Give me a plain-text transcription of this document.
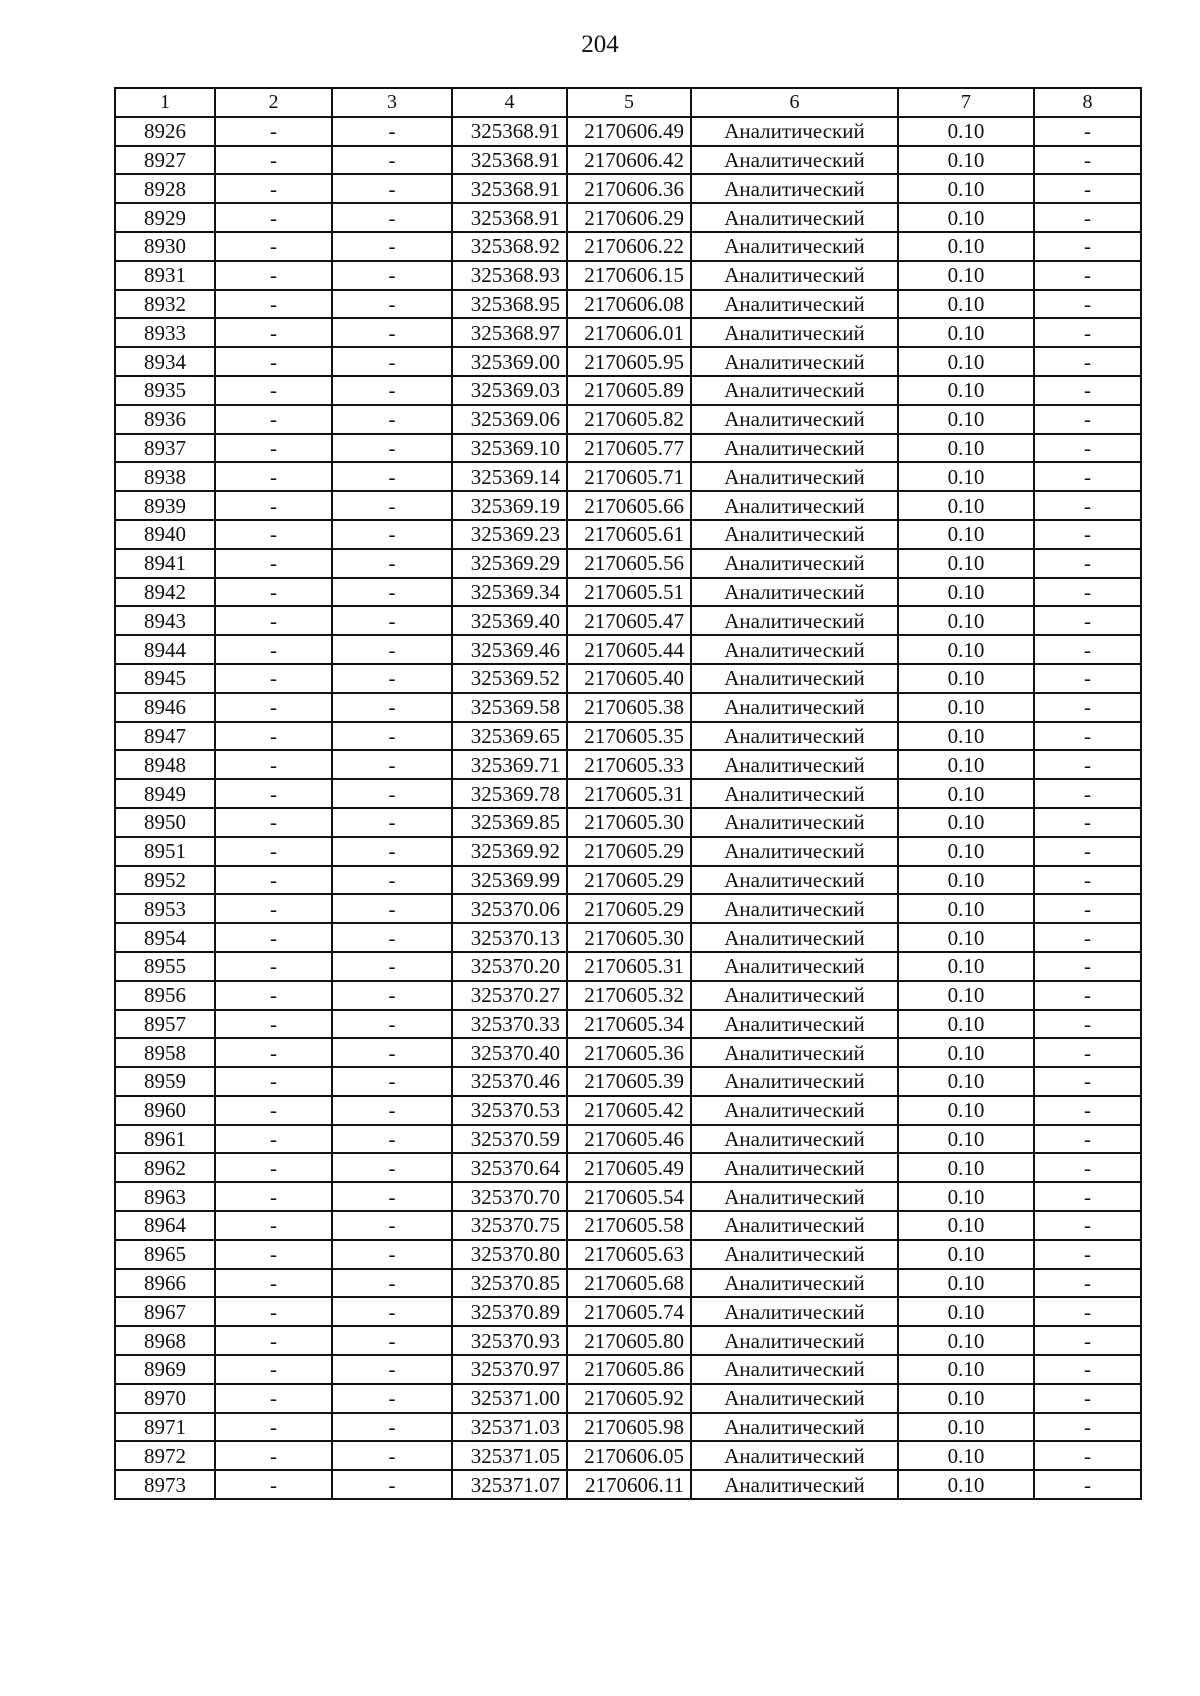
204
1	2	3	4	5	6	7	8
8926	-	-	325368.91	2170606.49	Аналитический	0.10	-
8927	-	-	325368.91	2170606.42	Аналитический	0.10	-
8928	-	-	325368.91	2170606.36	Аналитический	0.10	-
8929	-	-	325368.91	2170606.29	Аналитический	0.10	-
8930	-	-	325368.92	2170606.22	Аналитический	0.10	-
8931	-	-	325368.93	2170606.15	Аналитический	0.10	-
8932	-	-	325368.95	2170606.08	Аналитический	0.10	-
8933	-	-	325368.97	2170606.01	Аналитический	0.10	-
8934	-	-	325369.00	2170605.95	Аналитический	0.10	-
8935	-	-	325369.03	2170605.89	Аналитический	0.10	-
8936	-	-	325369.06	2170605.82	Аналитический	0.10	-
8937	-	-	325369.10	2170605.77	Аналитический	0.10	-
8938	-	-	325369.14	2170605.71	Аналитический	0.10	-
8939	-	-	325369.19	2170605.66	Аналитический	0.10	-
8940	-	-	325369.23	2170605.61	Аналитический	0.10	-
8941	-	-	325369.29	2170605.56	Аналитический	0.10	-
8942	-	-	325369.34	2170605.51	Аналитический	0.10	-
8943	-	-	325369.40	2170605.47	Аналитический	0.10	-
8944	-	-	325369.46	2170605.44	Аналитический	0.10	-
8945	-	-	325369.52	2170605.40	Аналитический	0.10	-
8946	-	-	325369.58	2170605.38	Аналитический	0.10	-
8947	-	-	325369.65	2170605.35	Аналитический	0.10	-
8948	-	-	325369.71	2170605.33	Аналитический	0.10	-
8949	-	-	325369.78	2170605.31	Аналитический	0.10	-
8950	-	-	325369.85	2170605.30	Аналитический	0.10	-
8951	-	-	325369.92	2170605.29	Аналитический	0.10	-
8952	-	-	325369.99	2170605.29	Аналитический	0.10	-
8953	-	-	325370.06	2170605.29	Аналитический	0.10	-
8954	-	-	325370.13	2170605.30	Аналитический	0.10	-
8955	-	-	325370.20	2170605.31	Аналитический	0.10	-
8956	-	-	325370.27	2170605.32	Аналитический	0.10	-
8957	-	-	325370.33	2170605.34	Аналитический	0.10	-
8958	-	-	325370.40	2170605.36	Аналитический	0.10	-
8959	-	-	325370.46	2170605.39	Аналитический	0.10	-
8960	-	-	325370.53	2170605.42	Аналитический	0.10	-
8961	-	-	325370.59	2170605.46	Аналитический	0.10	-
8962	-	-	325370.64	2170605.49	Аналитический	0.10	-
8963	-	-	325370.70	2170605.54	Аналитический	0.10	-
8964	-	-	325370.75	2170605.58	Аналитический	0.10	-
8965	-	-	325370.80	2170605.63	Аналитический	0.10	-
8966	-	-	325370.85	2170605.68	Аналитический	0.10	-
8967	-	-	325370.89	2170605.74	Аналитический	0.10	-
8968	-	-	325370.93	2170605.80	Аналитический	0.10	-
8969	-	-	325370.97	2170605.86	Аналитический	0.10	-
8970	-	-	325371.00	2170605.92	Аналитический	0.10	-
8971	-	-	325371.03	2170605.98	Аналитический	0.10	-
8972	-	-	325371.05	2170606.05	Аналитический	0.10	-
8973	-	-	325371.07	2170606.11	Аналитический	0.10	-
